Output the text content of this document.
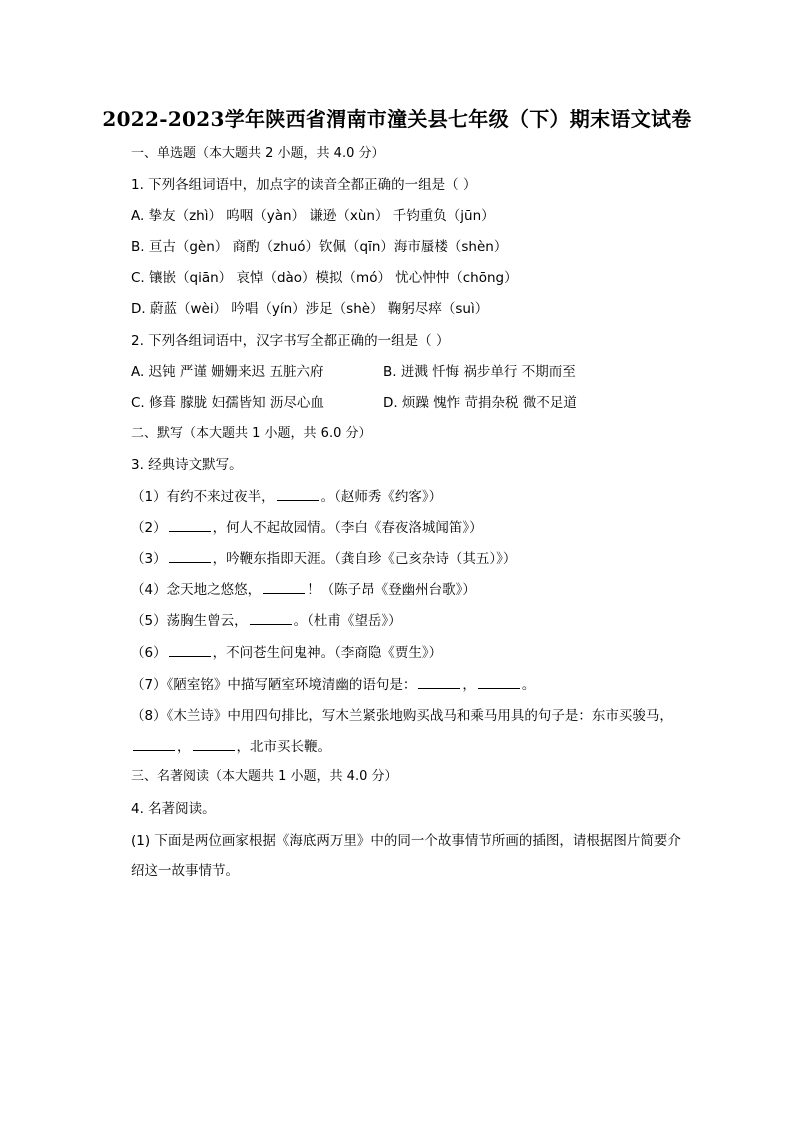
2022-2023学年陕西省渭南市潼关县七年级（下）期末语文试卷
一、单选题（本大题共 2 小题，共 4.0 分）
1. 下列各组词语中，加点字的读音全都正确的一组是（ ）
A. 挚友（zhì） 呜咽（yàn） 谦逊（xùn） 千钧重负（jūn）
B. 亘古（gèn） 商酌（zhuó）钦佩（qīn）海市蜃楼（shèn）
C. 镶嵌（qiān） 哀悼（dào）模拟（mó） 忧心忡忡（chōng）
D. 蔚蓝（wèi） 吟唱（yín）涉足（shè） 鞠躬尽瘁（suì）
2. 下列各组词语中，汉字书写全都正确的一组是（ ）
A. 迟钝 严谨 姗姗来迟 五脏六府	B. 迸溅 忏悔 祸步单行 不期而至
C. 修葺 朦胧 妇孺皆知 沥尽心血	D. 烦躁 愧怍 苛捐杂税 微不足道
二、默写（本大题共 1 小题，共 6.0 分）
3. 经典诗文默写。
（1）有约不来过夜半，	。（赵师秀《约客》）
（2）	，何人不起故园情。（李白《春夜洛城闻笛》）
（3）	，吟鞭东指即天涯。（龚自珍《己亥杂诗（其五）》）
（4）念天地之悠悠，	！（陈子昂《登幽州台歌》）
（5）荡胸生曾云，	。（杜甫《望岳》）
（6）	，不问苍生问鬼神。（李商隐《贾生》）
（7）《陋室铭》中描写陋室环境清幽的语句是：	，	。
（8）《木兰诗》中用四句排比，写木兰紧张地购买战马和乘马用具的句子是：东市买骏马，
，	，北市买长鞭。
三、名著阅读（本大题共 1 小题，共 4.0 分）
4. 名著阅读。
(1) 下面是两位画家根据《海底两万里》中的同一个故事情节所画的插图，请根据图片简要介
绍这一故事情节。
